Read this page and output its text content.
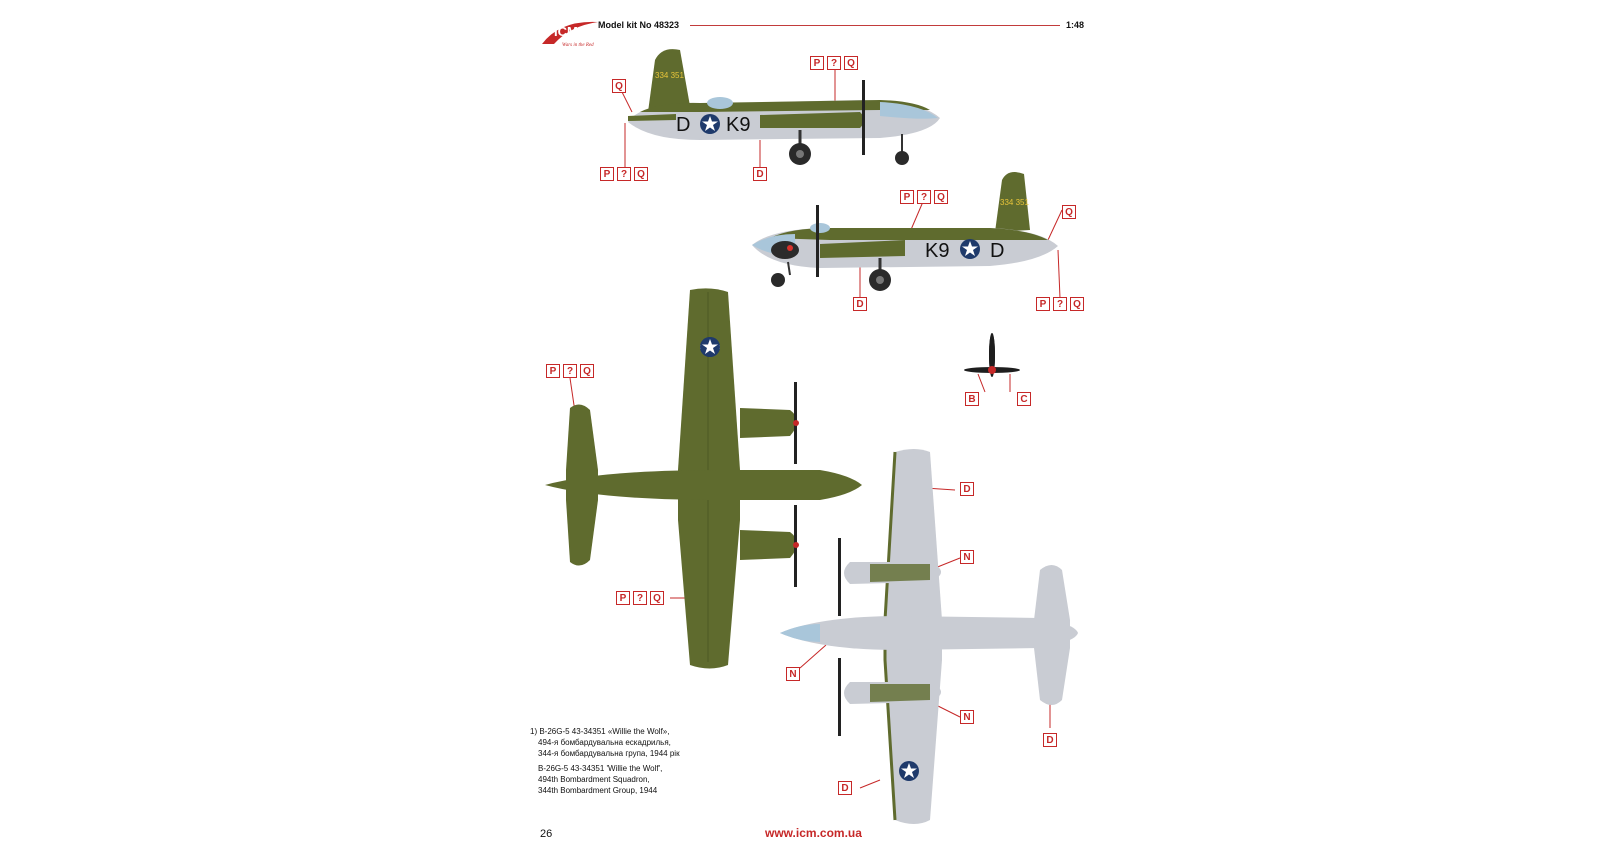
ICM
Wars in the Red
Model kit No 48323	1:48
334 351
D K9
334 351
K9 D
Q
P	?	Q
P	?	Q	D
P	?	Q
Q
D	P	?	Q
P	?	Q
P	?	Q
B	C
D
N
N
N
D
D
1) B-26G-5 43-34351 «Willie the Wolf»,
494-я бомбардувальна ескадрилья,
344-я бомбардувальна група, 1944 рік
B-26G-5 43-34351 'Willie the Wolf',
494th Bombardment Squadron,
344th Bombardment Group, 1944
26	www.icm.com.ua
